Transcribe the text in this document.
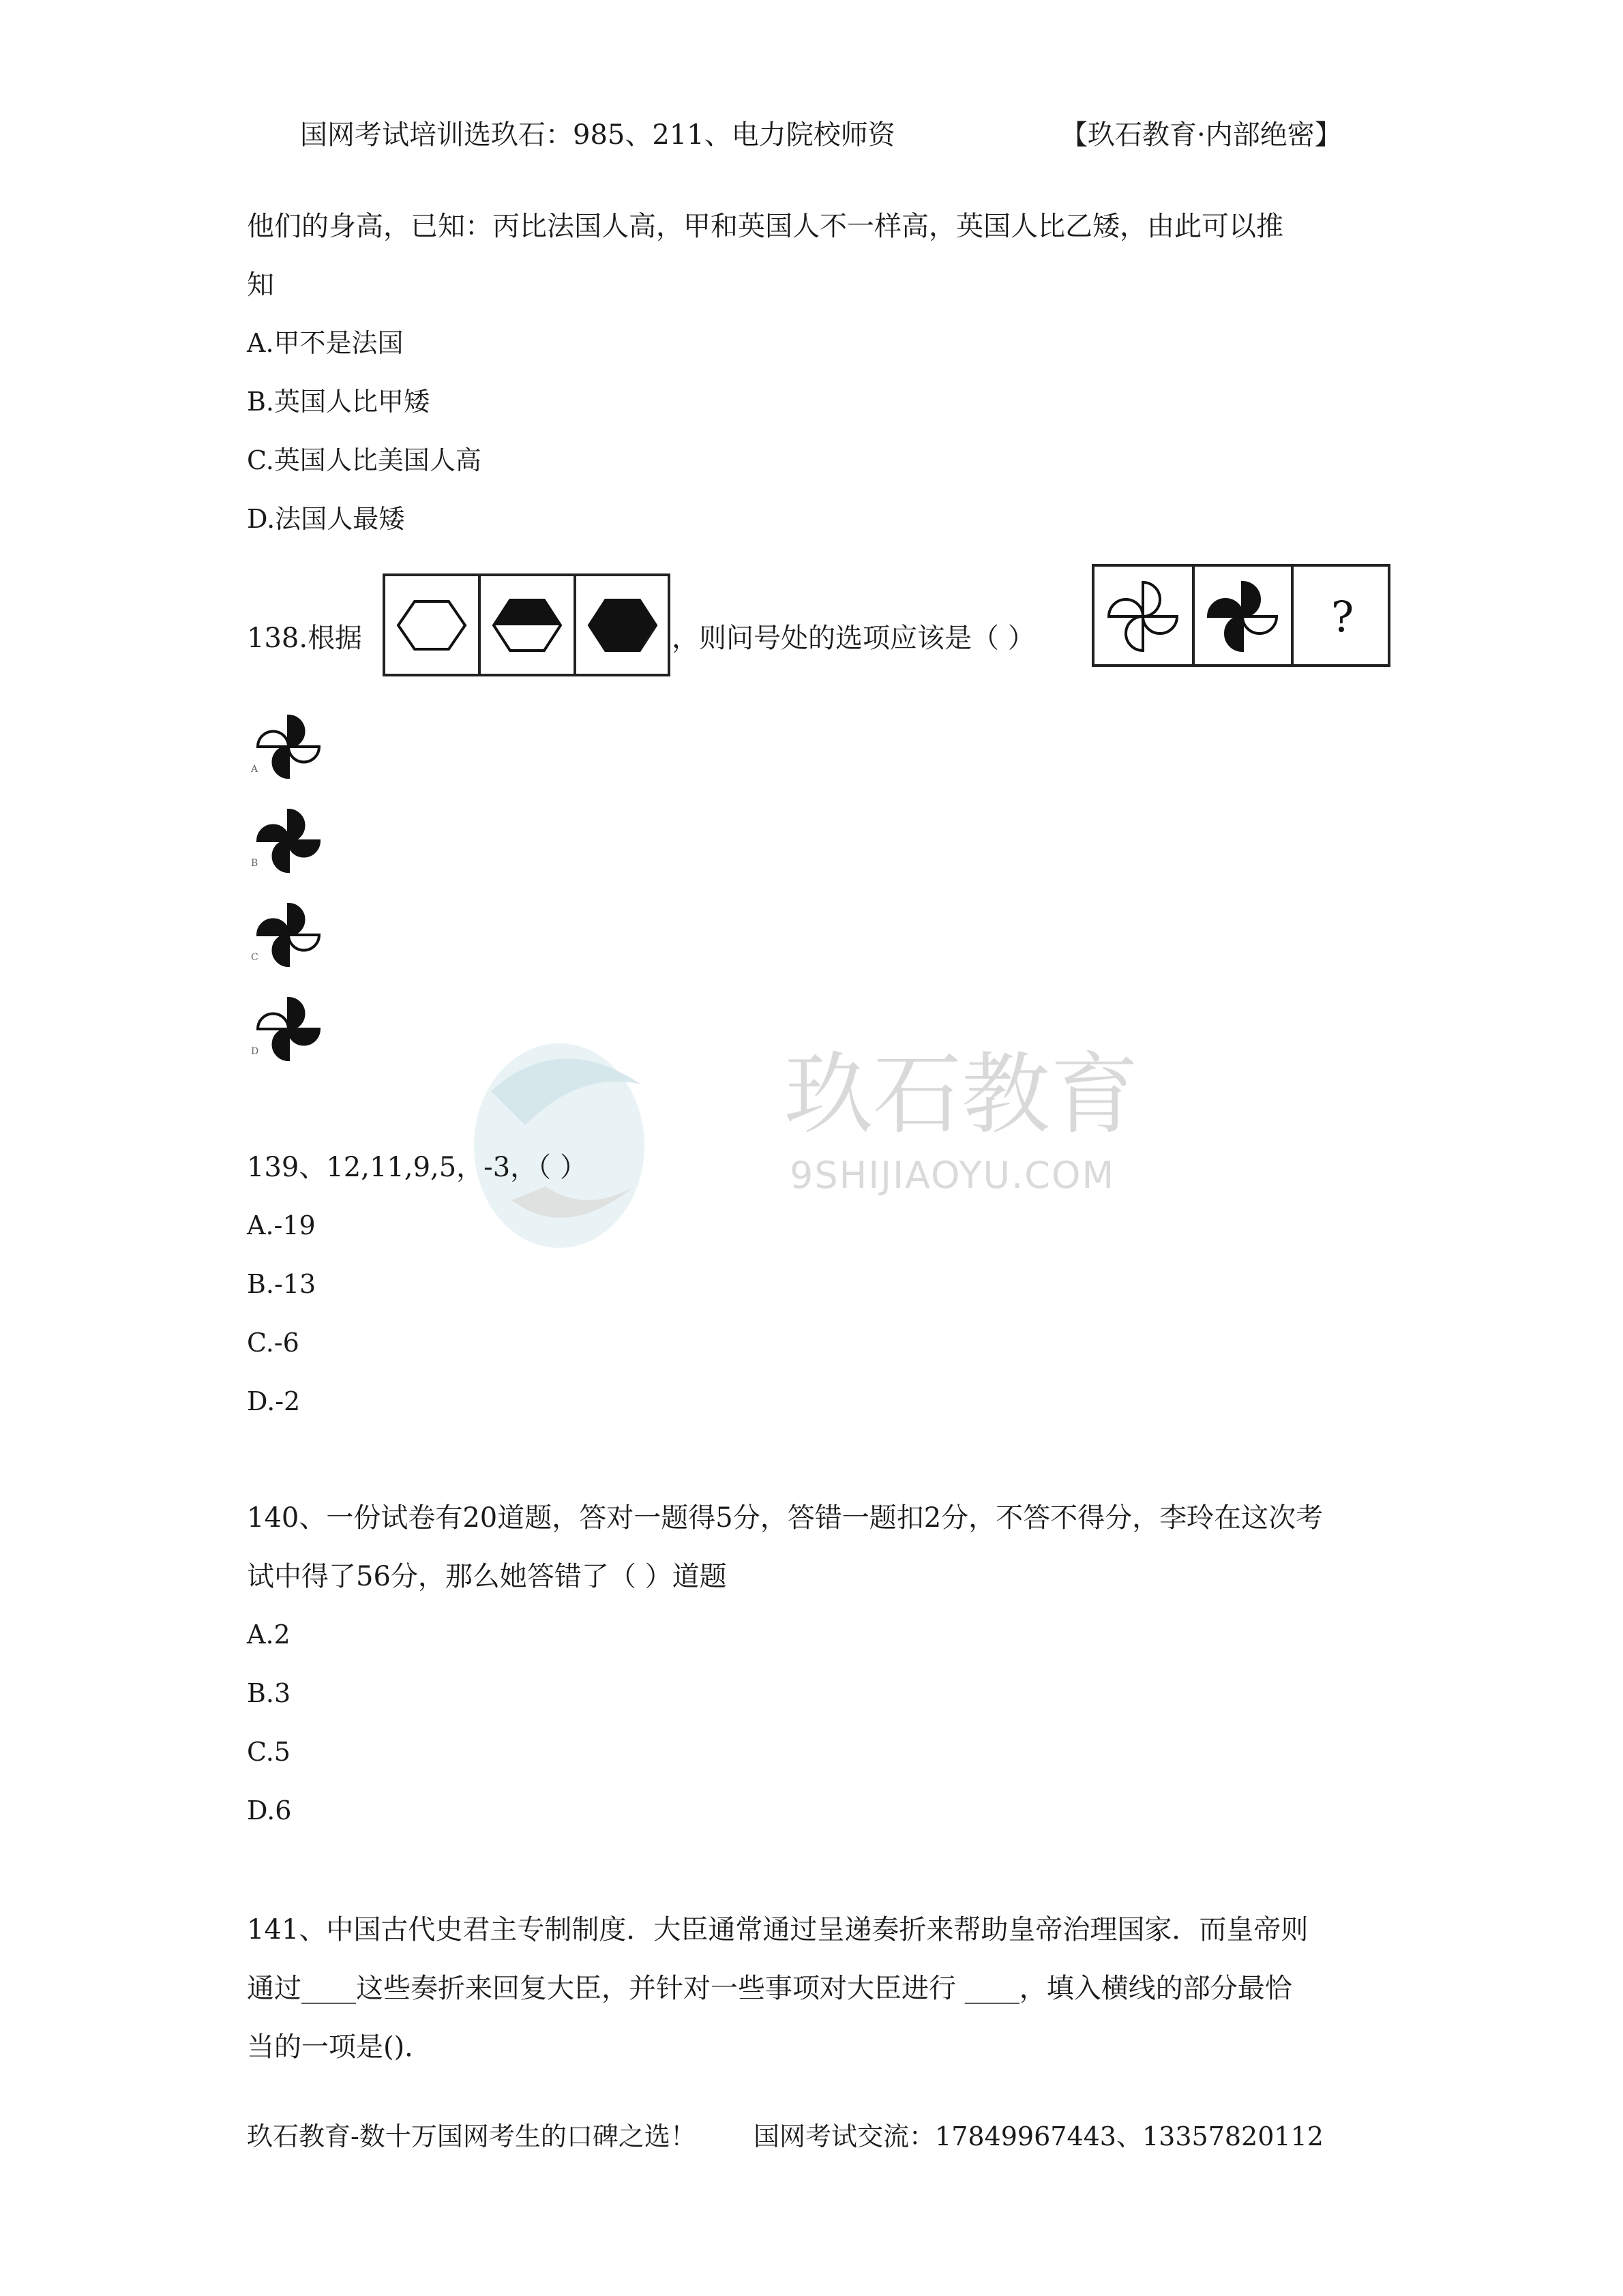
玖石教育
9SHIJIAOYU.COM
国网考试培训选玖石：985、211、电力院校师资	【玖石教育·内部绝密】
他们的身高，已知：丙比法国人高，甲和英国人不一样高，英国人比乙矮，由此可以推
知
A.甲不是法国
B.英国人比甲矮
C.英国人比美国人高
D.法国人最矮
138.根据	，则问号处的选项应该是（ ）	?
A
B
C
D
139、12,11,9,5，-3，（ ）
A.-19
B.-13
C.-6
D.-2
140、一份试卷有20道题，答对一题得5分，答错一题扣2分，不答不得分，李玲在这次考
试中得了56分，那么她答错了（ ）道题
A.2
B.3
C.5
D.6
141、中国古代史君主专制制度．大臣通常通过呈递奏折来帮助皇帝治理国家．而皇帝则
通过____这些奏折来回复大臣，并针对一些事项对大臣进行 ____，填入横线的部分最恰
当的一项是()．
玖石教育-数十万国网考生的口碑之选！ 国网考试交流：17849967443、13357820112
